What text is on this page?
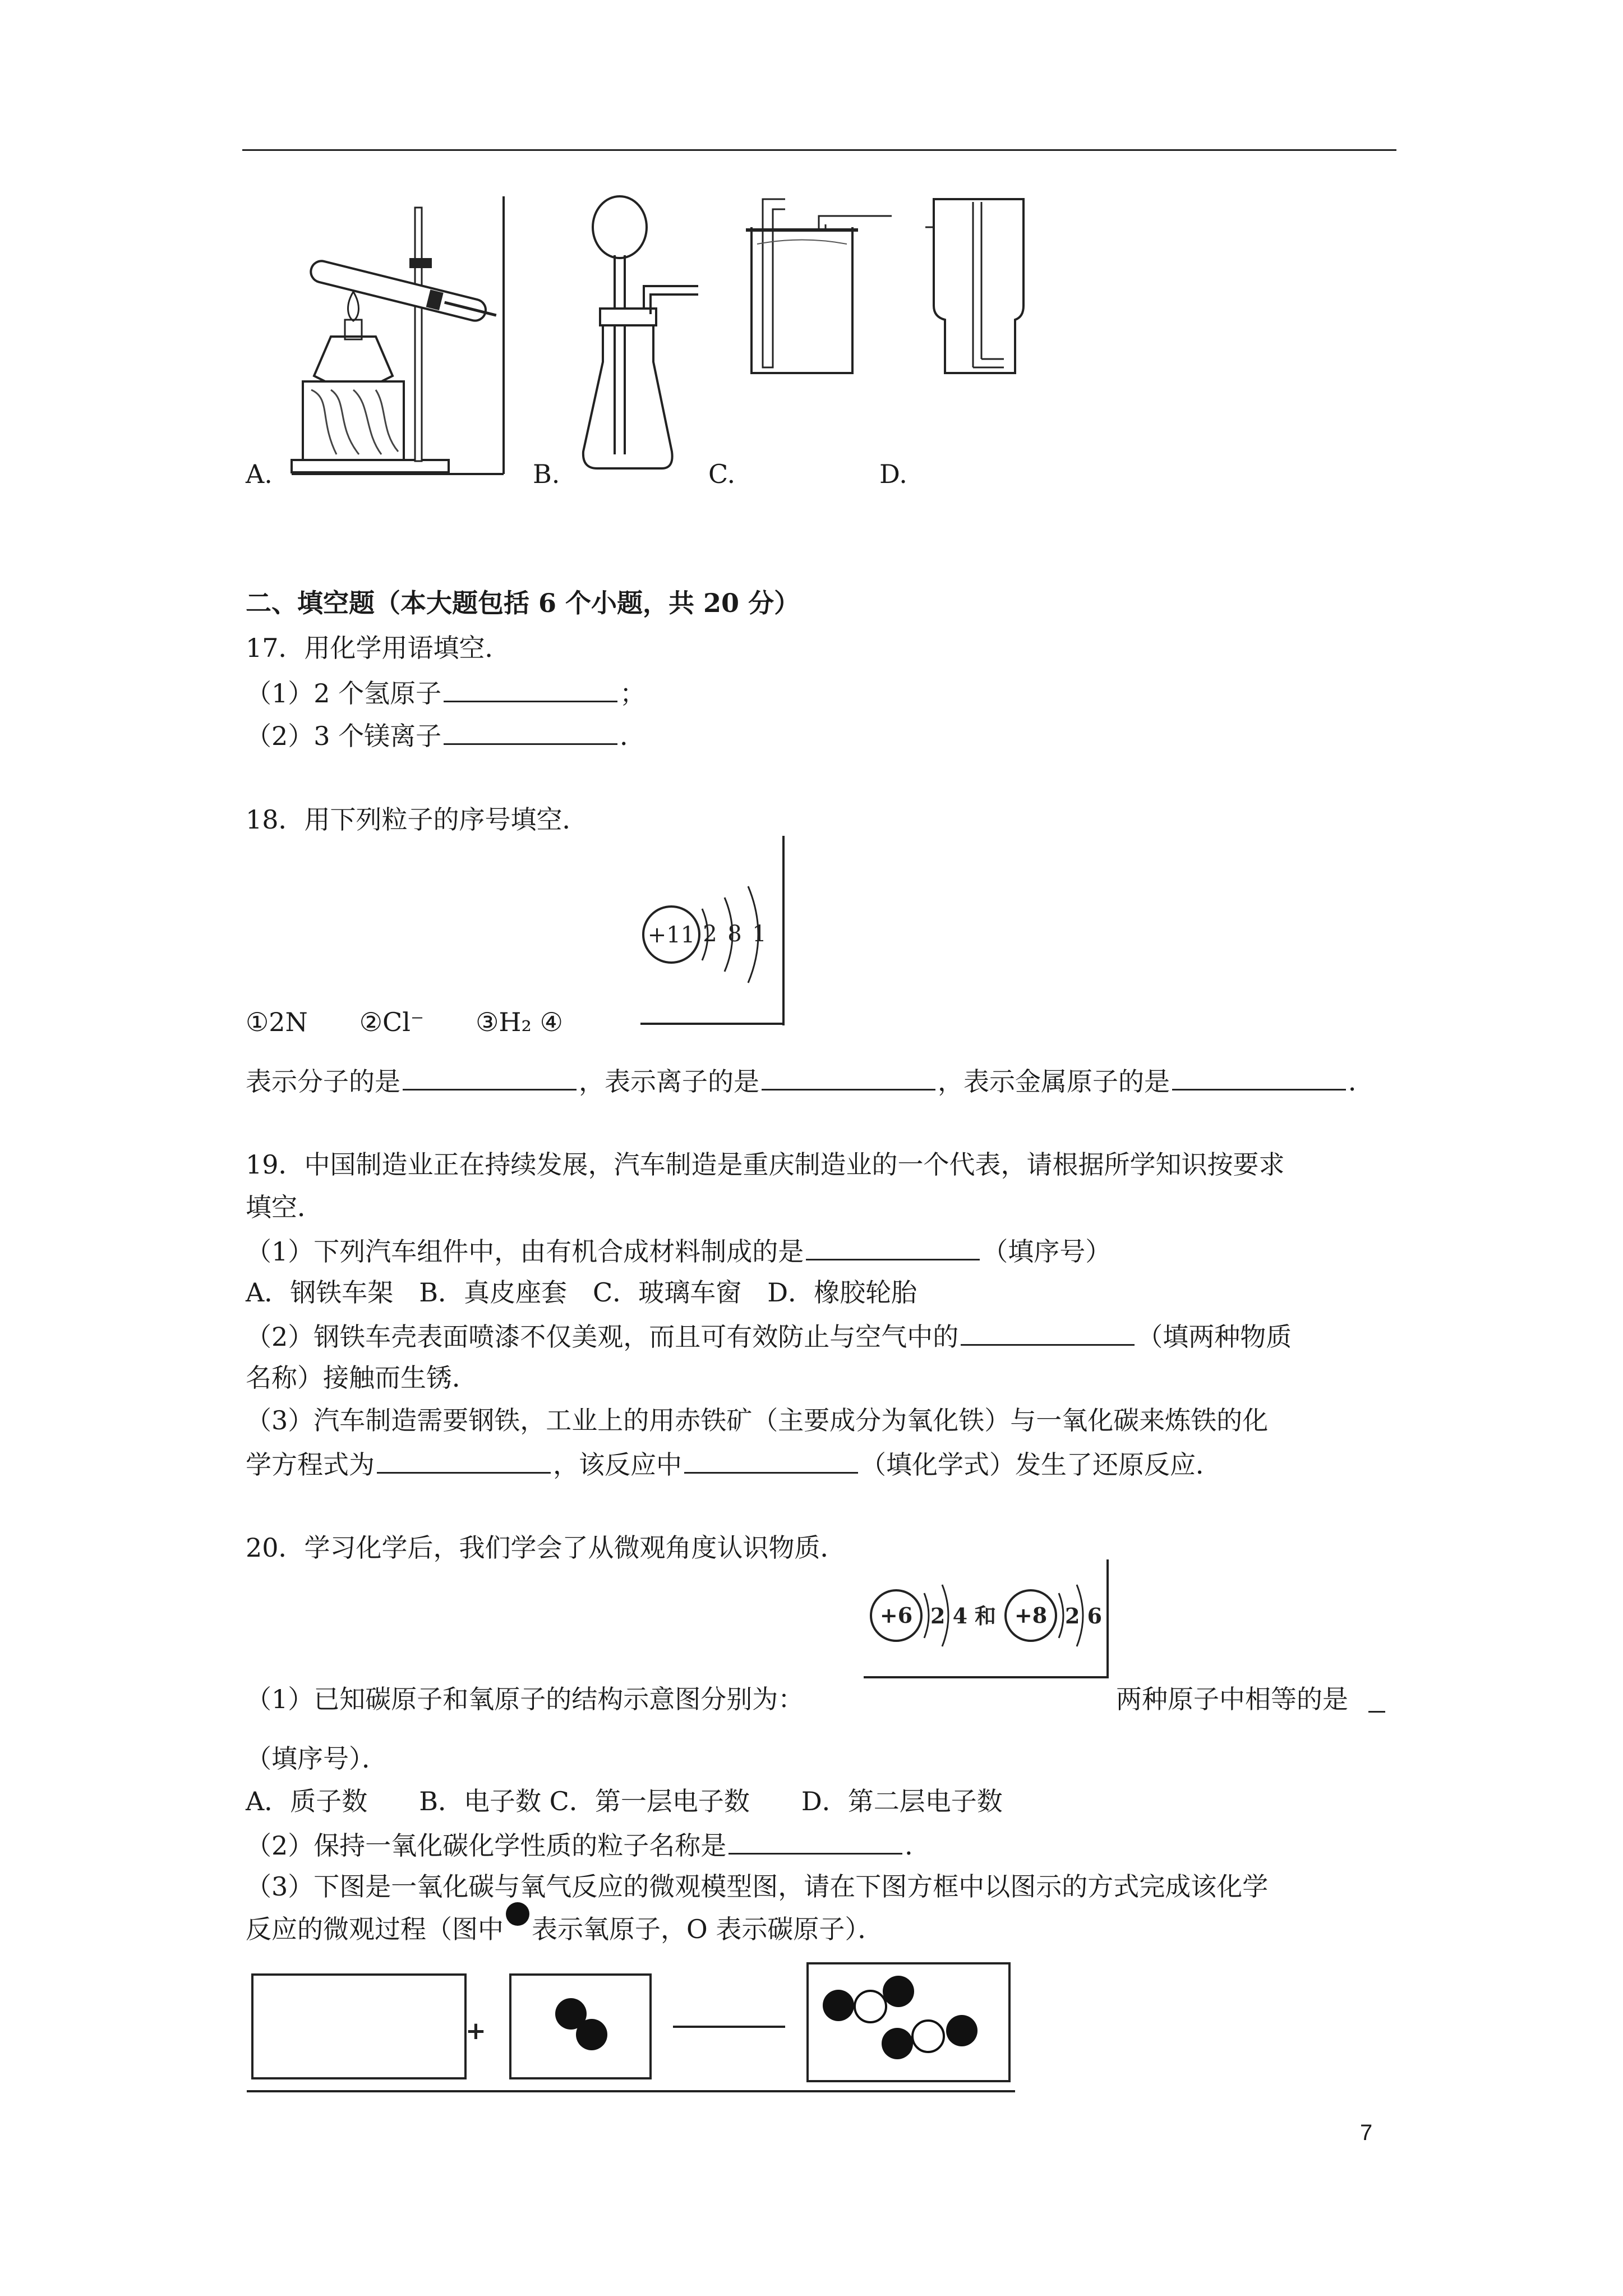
A.	B.	C.	D.
二、填空题（本大题包括 6 个小题，共 20 分）
17．用化学用语填空．
（1）2 个氢原子	；
（2）3 个镁离子	．
18．用下列粒子的序号填空．
+11 2 8 1
①2N　　②Cl⁻　　③H₂ ④
表示分子的是	，表示离子的是	，表示金属原子的是	．
19．中国制造业正在持续发展，汽车制造是重庆制造业的一个代表，请根据所学知识按要求
填空．
（1）下列汽车组件中，由有机合成材料制成的是	（填序号）
A．钢铁车架　B．真皮座套　C．玻璃车窗　D．橡胶轮胎
（2）钢铁车壳表面喷漆不仅美观，而且可有效防止与空气中的	（填两种物质
名称）接触而生锈．
（3）汽车制造需要钢铁，工业上的用赤铁矿（主要成分为氧化铁）与一氧化碳来炼铁的化
学方程式为	，该反应中	（填化学式）发生了还原反应．
20．学习化学后，我们学会了从微观角度认识物质．
+6 2 4 和 +8 2 6
（1）已知碳原子和氧原子的结构示意图分别为：	两种原子中相等的是
（填序号）．
A．质子数　　B．电子数 C．第一层电子数　　D．第二层电子数
（2）保持一氧化碳化学性质的粒子名称是	．
（3）下图是一氧化碳与氧气反应的微观模型图，请在下图方框中以图示的方式完成该化学
反应的微观过程（图中 表示氧原子，O 表示碳原子）．
+
7
